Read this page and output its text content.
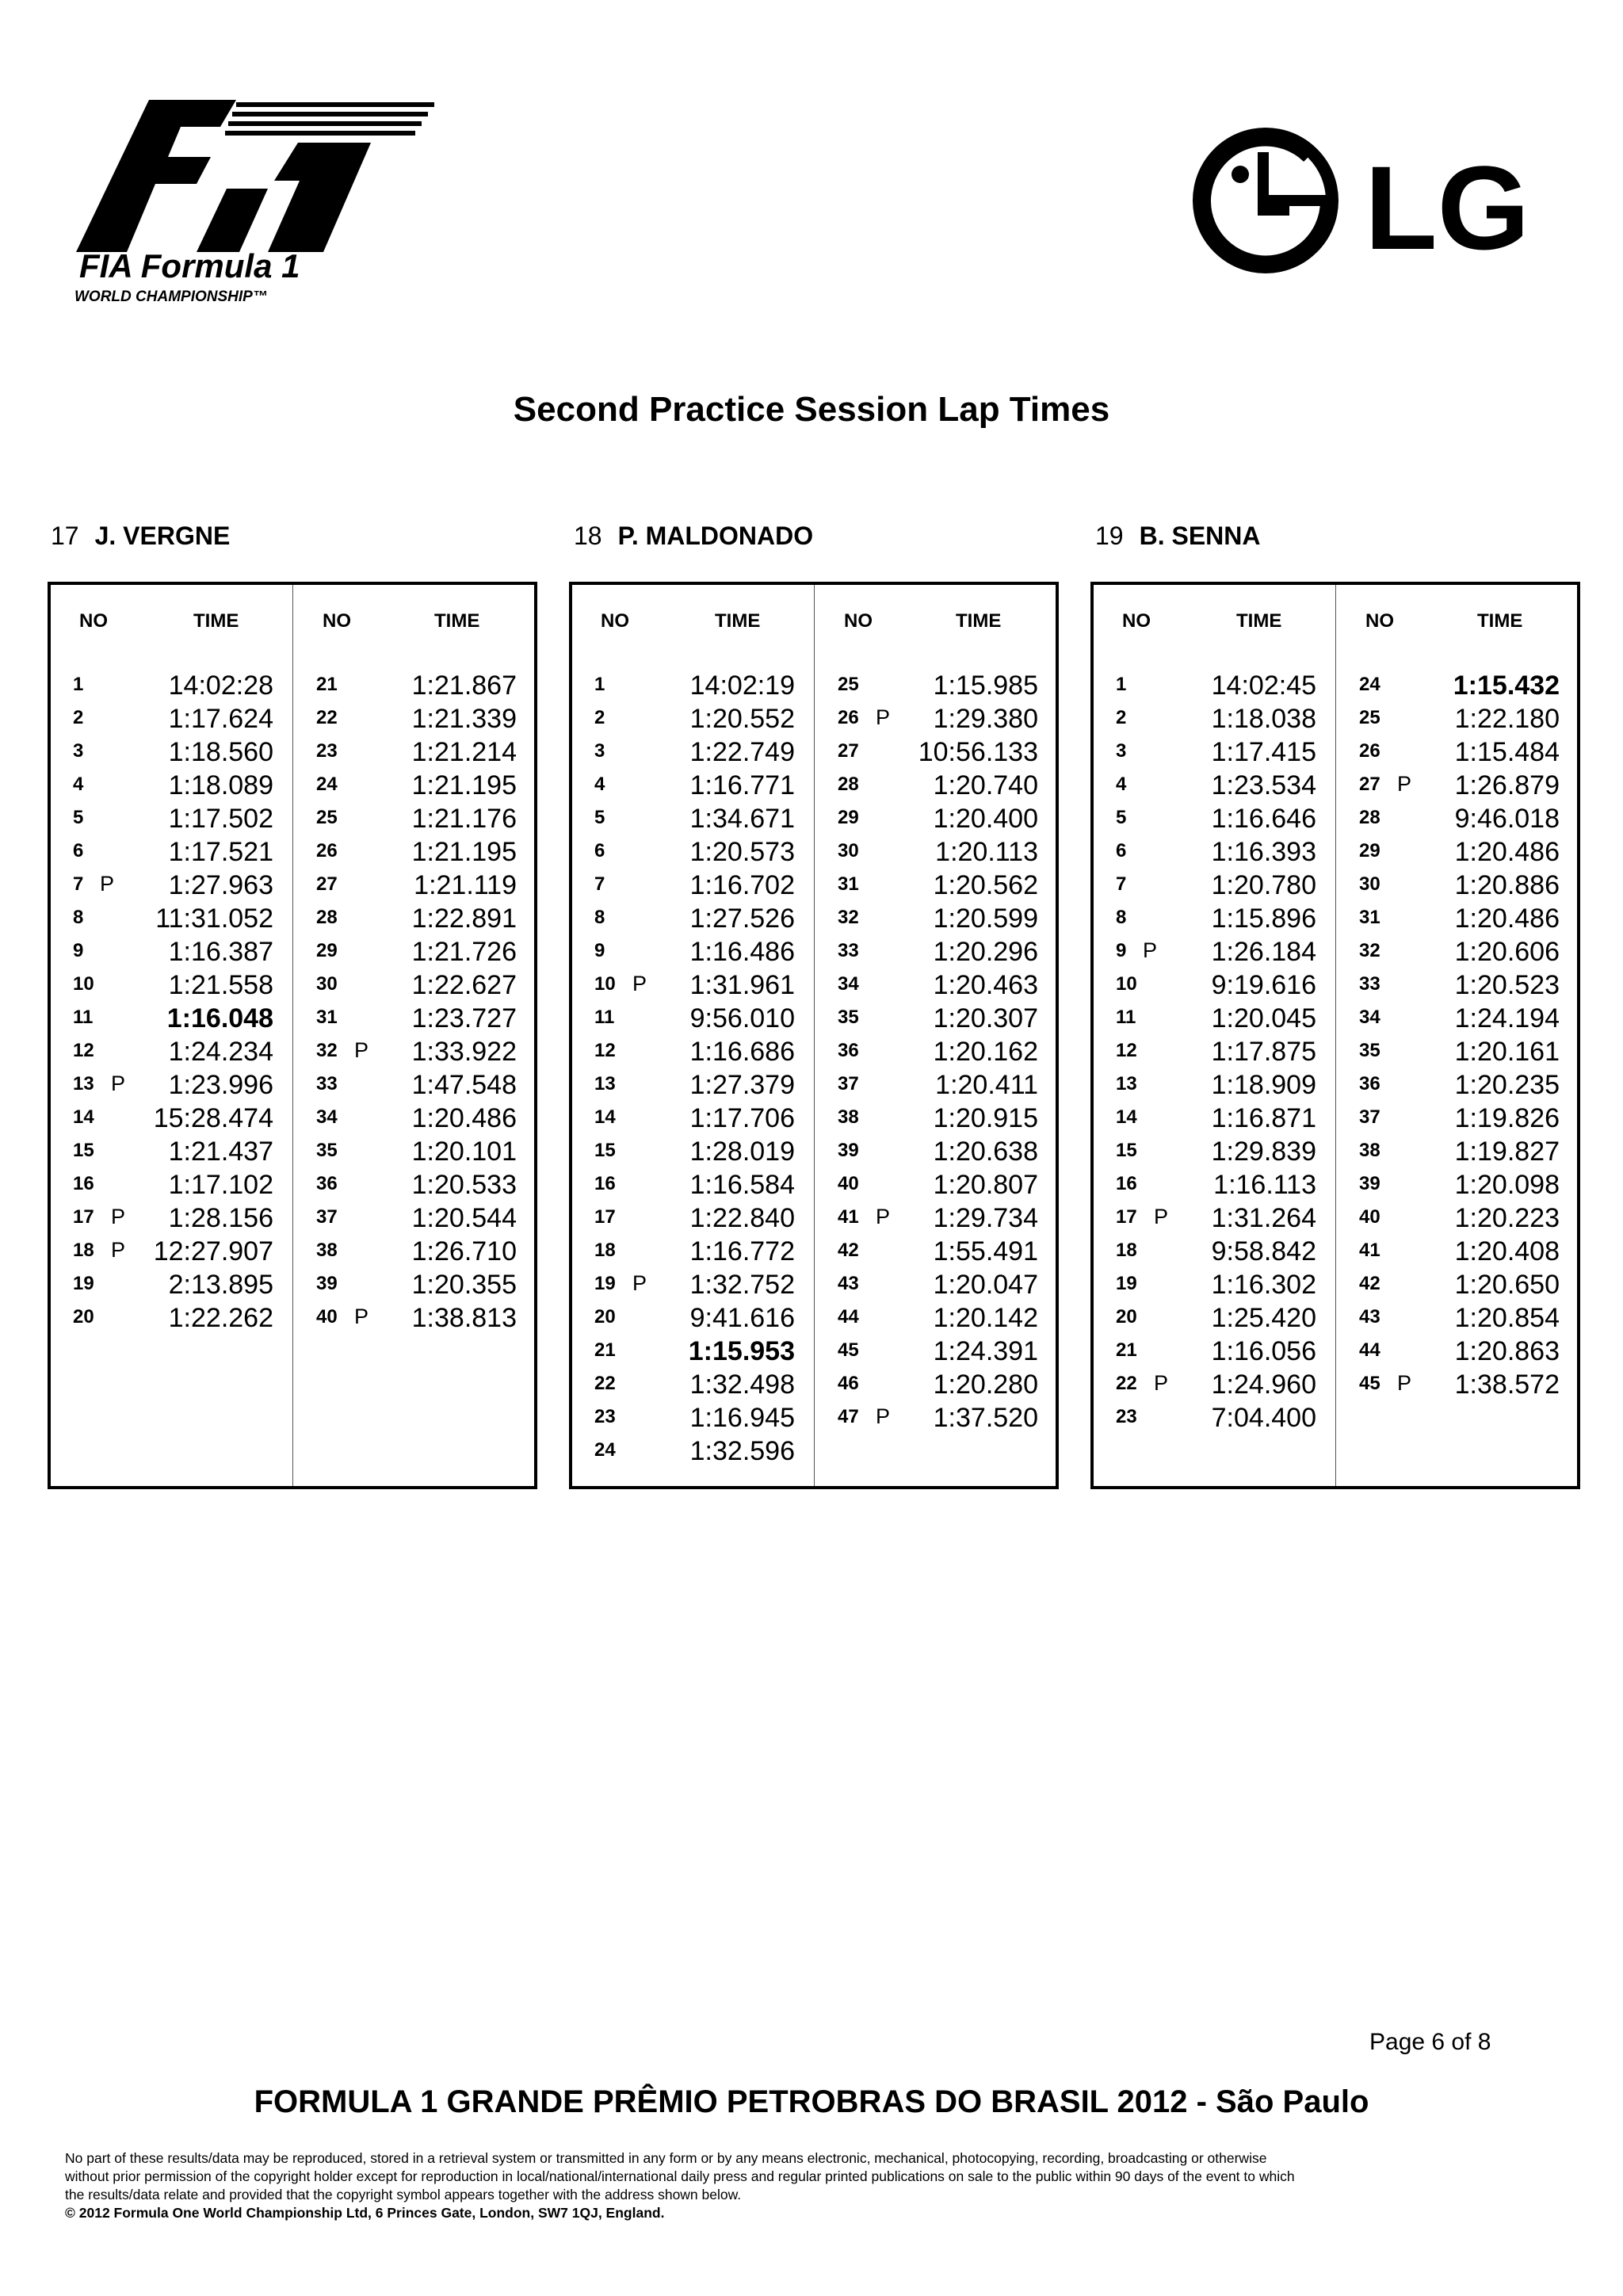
FIA Formula 1
WORLD CHAMPIONSHIP™
LG
Second Practice Session Lap Times
17 J. VERGNE	18 P. MALDONADO	19 B. SENNA
NO	TIME	NO	TIME
1	14:02:28
2	1:17.624
3	1:18.560
4	1:18.089
5	1:17.502
6	1:17.521
7 P 1:27.963
8	11:31.052
9	1:16.387
10	1:21.558
11	1:16.048
12	1:24.234
13 P 1:23.996
14 15:28.474
15	1:21.437
16	1:17.102
17 P 1:28.156
18 P 12:27.907
19	2:13.895
20	1:22.262
21	1:21.867
22	1:21.339
23	1:21.214
24	1:21.195
25	1:21.176
26	1:21.195
27	1:21.119
28	1:22.891
29	1:21.726
30	1:22.627
31	1:23.727
32 P 1:33.922
33	1:47.548
34	1:20.486
35	1:20.101
36	1:20.533
37	1:20.544
38	1:26.710
39	1:20.355
40 P 1:38.813
NO	TIME	NO	TIME
1	14:02:19
2	1:20.552
3	1:22.749
4	1:16.771
5	1:34.671
6	1:20.573
7	1:16.702
8	1:27.526
9	1:16.486
10 P 1:31.961
11	9:56.010
12	1:16.686
13	1:27.379
14	1:17.706
15	1:28.019
16	1:16.584
17	1:22.840
18	1:16.772
19 P 1:32.752
20	9:41.616
21	1:15.953
22	1:32.498
23	1:16.945
24	1:32.596
25	1:15.985
26 P 1:29.380
27 10:56.133
28	1:20.740
29	1:20.400
30	1:20.113
31	1:20.562
32	1:20.599
33	1:20.296
34	1:20.463
35	1:20.307
36	1:20.162
37	1:20.411
38	1:20.915
39	1:20.638
40	1:20.807
41 P 1:29.734
42	1:55.491
43	1:20.047
44	1:20.142
45	1:24.391
46	1:20.280
47 P 1:37.520
NO	TIME	NO	TIME
1	14:02:45
2	1:18.038
3	1:17.415
4	1:23.534
5	1:16.646
6	1:16.393
7	1:20.780
8	1:15.896
9 P 1:26.184
10	9:19.616
11	1:20.045
12	1:17.875
13	1:18.909
14	1:16.871
15	1:29.839
16	1:16.113
17 P 1:31.264
18	9:58.842
19	1:16.302
20	1:25.420
21	1:16.056
22 P 1:24.960
23	7:04.400
24	1:15.432
25	1:22.180
26	1:15.484
27 P 1:26.879
28	9:46.018
29	1:20.486
30	1:20.886
31	1:20.486
32	1:20.606
33	1:20.523
34	1:24.194
35	1:20.161
36	1:20.235
37	1:19.826
38	1:19.827
39	1:20.098
40	1:20.223
41	1:20.408
42	1:20.650
43	1:20.854
44	1:20.863
45 P 1:38.572
Page 6 of 8
FORMULA 1 GRANDE PRÊMIO PETROBRAS DO BRASIL 2012 - São Paulo
No part of these results/data may be reproduced, stored in a retrieval system or transmitted in any form or by any means electronic, mechanical, photocopying, recording, broadcasting or otherwise
without prior permission of the copyright holder except for reproduction in local/national/international daily press and regular printed publications on sale to the public within 90 days of the event to which
the results/data relate and provided that the copyright symbol appears together with the address shown below.
© 2012 Formula One World Championship Ltd, 6 Princes Gate, London, SW7 1QJ, England.
